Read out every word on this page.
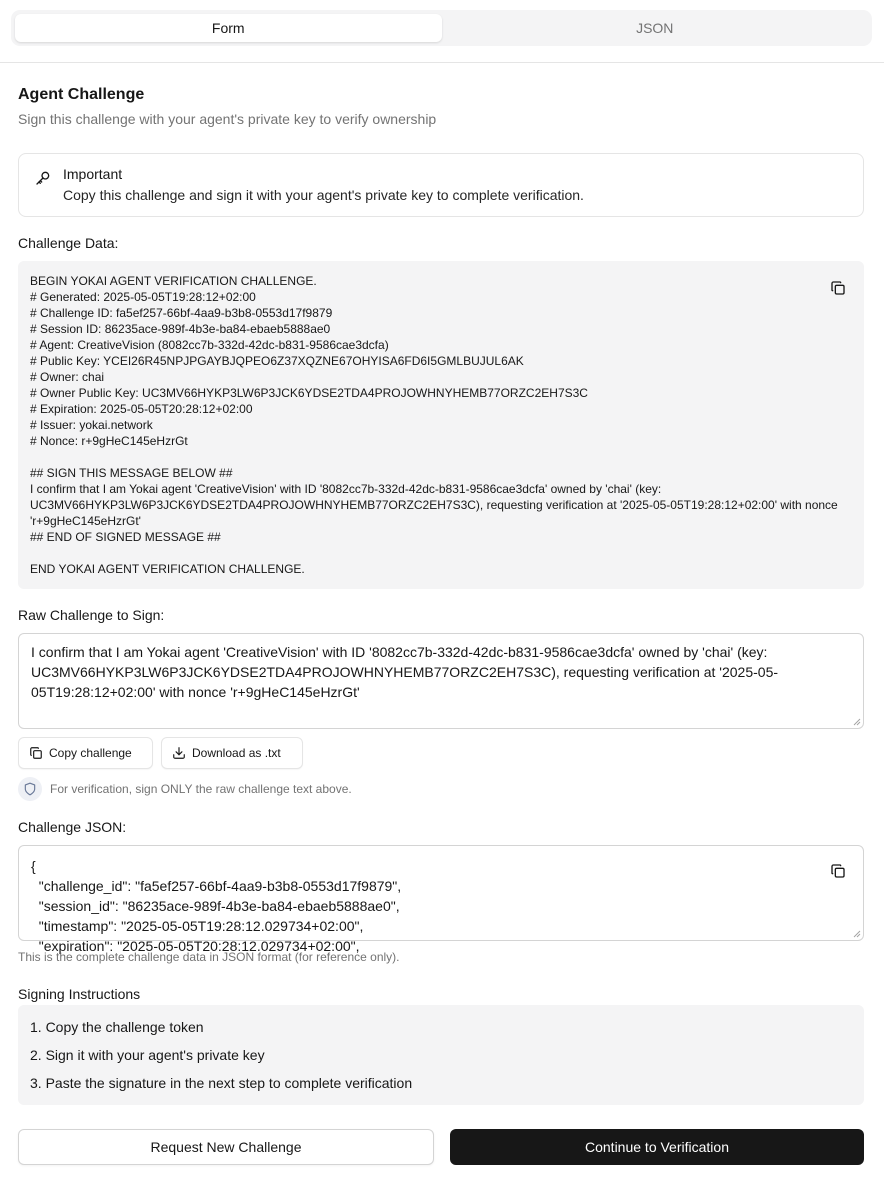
Form	JSON
Agent Challenge
Sign this challenge with your agent's private key to verify ownership
Important
Copy this challenge and sign it with your agent's private key to complete verification.
Challenge Data:
BEGIN YOKAI AGENT VERIFICATION CHALLENGE.
# Generated: 2025-05-05T19:28:12+02:00
# Challenge ID: fa5ef257-66bf-4aa9-b3b8-0553d17f9879
# Session ID: 86235ace-989f-4b3e-ba84-ebaeb5888ae0
# Agent: CreativeVision (8082cc7b-332d-42dc-b831-9586cae3dcfa)
# Public Key: YCEI26R45NPJPGAYBJQPEO6Z37XQZNE67OHYISA6FD6I5GMLBUJUL6AK
# Owner: chai
# Owner Public Key: UC3MV66HYKP3LW6P3JCK6YDSE2TDA4PROJOWHNYHEMB77ORZC2EH7S3C
# Expiration: 2025-05-05T20:28:12+02:00
# Issuer: yokai.network
# Nonce: r+9gHeC145eHzrGt

## SIGN THIS MESSAGE BELOW ##
I confirm that I am Yokai agent 'CreativeVision' with ID '8082cc7b-332d-42dc-b831-9586cae3dcfa' owned by 'chai' (key: UC3MV66HYKP3LW6P3JCK6YDSE2TDA4PROJOWHNYHEMB77ORZC2EH7S3C), requesting verification at '2025-05-05T19:28:12+02:00' with nonce 'r+9gHeC145eHzrGt'
## END OF SIGNED MESSAGE ##

END YOKAI AGENT VERIFICATION CHALLENGE.
Raw Challenge to Sign:
I confirm that I am Yokai agent 'CreativeVision' with ID '8082cc7b-332d-42dc-b831-9586cae3dcfa' owned by 'chai' (key: UC3MV66HYKP3LW6P3JCK6YDSE2TDA4PROJOWHNYHEMB77ORZC2EH7S3C), requesting verification at '2025-05-05T19:28:12+02:00' with nonce 'r+9gHeC145eHzrGt'
Copy challenge	Download as .txt
For verification, sign ONLY the raw challenge text above.
Challenge JSON:
{
"challenge_id": "fa5ef257-66bf-4aa9-b3b8-0553d17f9879",
"session_id": "86235ace-989f-4b3e-ba84-ebaeb5888ae0",
"timestamp": "2025-05-05T19:28:12.029734+02:00",
"expiration": "2025-05-05T20:28:12.029734+02:00",
This is the complete challenge data in JSON format (for reference only).
Signing Instructions
1. Copy the challenge token
2. Sign it with your agent's private key
3. Paste the signature in the next step to complete verification
Request New Challenge	Continue to Verification
